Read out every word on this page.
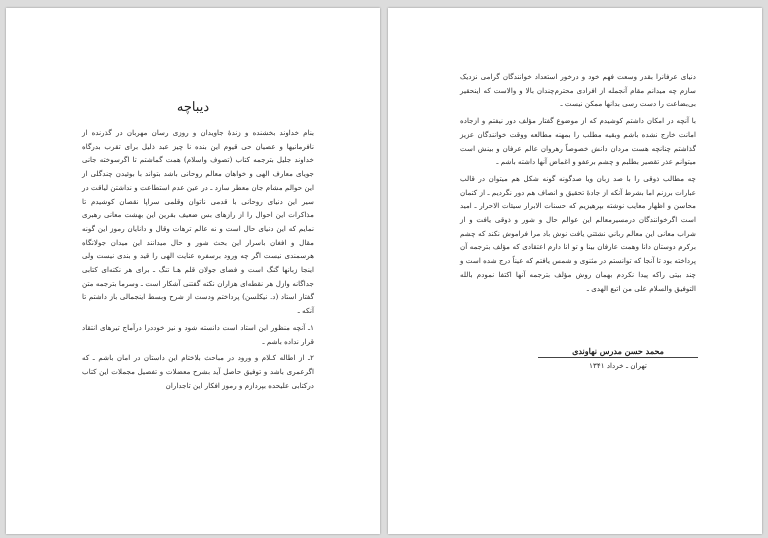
دیباچه

بنام خداوند بخشنده و زندهٔ جاویدان و روزی رسان مهربان در گذرنده از نافرمانیها و عصیان حی قیوم این بنده نا چیز عبد ذلیل برای تقرب بدرگاه خداوند جلیل بترجمه کتاب (تصوف واسلام) همت گماشتم تا اگرسوخته جانی جویای معارف الهی و خواهان معالم روحانی باشد بتواند با بوئیدن چندگلی از این حوالم مشام جان معطر سازد ـ در عین عدم استطاعت و نداشتن لیاقت در سیر این دنیای روحانی با قدمی ناتوان وقلمی سراپا نقصان کوشیدم تا مذاکرات این احوال را از رازهای بس ضعیف بقرین این بهشت معانی رهبری نمایم که این دنیای حال است و نه عالم ترهات وقال و دانایان رموز این گونه مقال و افغان باسرار این بحث شور و حال میدانند این میدان جولانگاه هرسمندی نیست اگر چه ورود برسفره عنایت الهی را قید و بندی نیست ولی اینجا زبانها گنگ است و فضای جولان قلم هـا تنگ ـ برای هر نکته‌ای کتابی جداگانه وازل هر نقطه‌ای هزاران نکته گفتنی آشکار است ـ وسرما بترجمه متن گفتار استاد (د. نیکلسن) پرداختم ودست از شرح وبسط اینجمالی باز داشتم تا آنکه ـ

۱ـ آنچه منظور این استاد است دانسته شود و نیز خوددرا درآماج تیرهای انتقاد قرار نداده باشم ـ

۲ـ از اطاله کـلام و ورود در مباحث بلاختام این داستان در امان باشم ـ که اگرعمری باشد و توفیق حاصل آید بشرح معضلات و تفصیل مجملات این کتاب درکتابی علیحده بپردازم و رموز افکار این تاجداران

دنیای عرفانرا بقدر وسعت فهم خود و درخور استعداد خوانندگان گرامی نزدیک سازم چه میدانم مقام آنجمله از افرادی محترم‌چندان بالا و والاست که اینحقیر بی‌بضاعت را دست رسی بدانها ممکن نیست ـ

با آنچه در امکان داشتم کوشیدم که از موضوع گفتار مؤلف دور نیفتم و ازجاده امانت خارج نشده باشم وبقیه مطلب را بمهنه مطالعه ووقت خوانندگان عزیز گذاشتم چنانچه هست مردان دانش خصوصاً رهروان عالم عرفان و بینش است میتوانم عذر تقصیر بطلبم و چشم برعفو و اغماض آنها داشته باشم ـ

چه مطالب ذوقی را با صد زبان ویا صدگونه گونه شکل هم میتوان در قالب عبارات برزنم اما بشرط آنکه از جادهٔ تحقیق و انصاف هم دور نگردیم ـ از کتمان محاسن و اظهار معایب نوشته بپرهیزیم که حسنات الابرار سیئات الاحرار ـ امید است اگرخوانندگان درمسیرمعالم این عوالم حال و شور و ذوقی یافت و از شراب معانی این معالم رباني نشئتي يافت نوش باد مرا فراموش نکند که چشم برکرم دوستان دانا وهمت عارفان بینا و تو انا دارم اعتقادی که مؤلف بترجمه آن پرداخته بود تا آنجا که توانستم در مثنوی و شمس یافتم که عیناً درج شده است و چند بیتی راکه پیدا نکردم بهمان روش مؤلف بترجمه آنها اکتفا نمودم بالله التوفيق والسلام على من اتبع الهدى ـ

محمد حسن مدرس نهاوندی
تهران ـ خرداد ۱۳۴۱
